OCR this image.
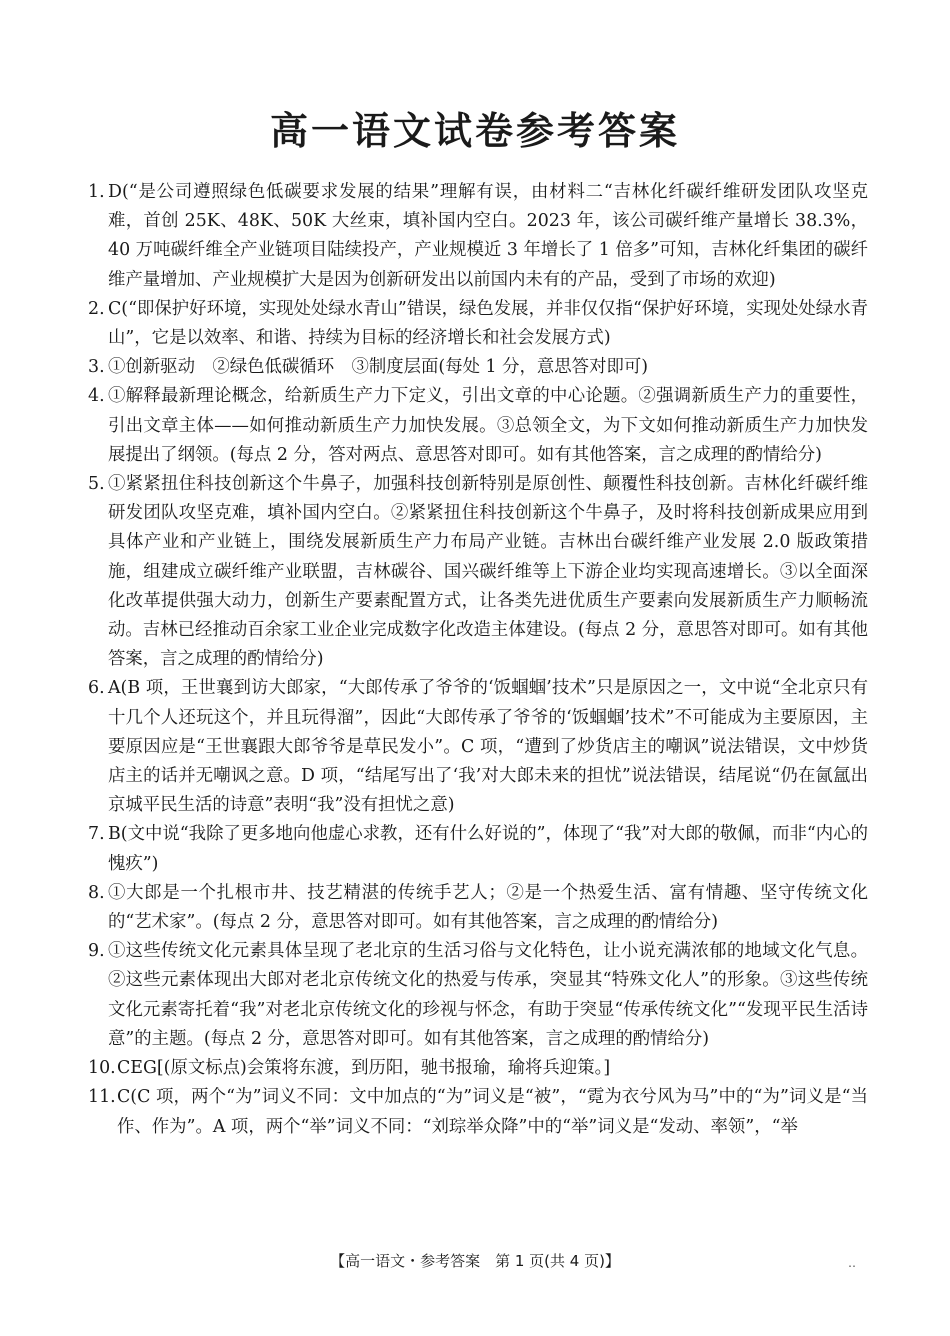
高一语文试卷参考答案
1. D(“是公司遵照绿色低碳要求发展的结果”理解有误，由材料二“吉林化纤碳纤维研发团队攻坚克难，首创 25K、48K、50K 大丝束，填补国内空白。2023 年，该公司碳纤维产量增长 38.3%，40 万吨碳纤维全产业链项目陆续投产，产业规模近 3 年增长了 1 倍多”可知，吉林化纤集团的碳纤维产量增加、产业规模扩大是因为创新研发出以前国内未有的产品，受到了市场的欢迎)
2. C(“即保护好环境，实现处处绿水青山”错误，绿色发展，并非仅仅指“保护好环境，实现处处绿水青山”，它是以效率、和谐、持续为目标的经济增长和社会发展方式)
3. ①创新驱动　②绿色低碳循环　③制度层面(每处 1 分，意思答对即可)
4. ①解释最新理论概念，给新质生产力下定义，引出文章的中心论题。②强调新质生产力的重要性，引出文章主体——如何推动新质生产力加快发展。③总领全文，为下文如何推动新质生产力加快发展提出了纲领。(每点 2 分，答对两点、意思答对即可。如有其他答案，言之成理的酌情给分)
5. ①紧紧扭住科技创新这个牛鼻子，加强科技创新特别是原创性、颠覆性科技创新。吉林化纤碳纤维研发团队攻坚克难，填补国内空白。②紧紧扭住科技创新这个牛鼻子，及时将科技创新成果应用到具体产业和产业链上，围绕发展新质生产力布局产业链。吉林出台碳纤维产业发展 2.0 版政策措施，组建成立碳纤维产业联盟，吉林碳谷、国兴碳纤维等上下游企业均实现高速增长。③以全面深化改革提供强大动力，创新生产要素配置方式，让各类先进优质生产要素向发展新质生产力顺畅流动。吉林已经推动百余家工业企业完成数字化改造主体建设。(每点 2 分，意思答对即可。如有其他答案，言之成理的酌情给分)
6. A(B 项，王世襄到访大郎家，“大郎传承了爷爷的‘饭蝈蝈’技术”只是原因之一，文中说“全北京只有十几个人还玩这个，并且玩得溜”，因此“大郎传承了爷爷的‘饭蝈蝈’技术”不可能成为主要原因，主要原因应是“王世襄跟大郎爷爷是草民发小”。C 项，“遭到了炒货店主的嘲讽”说法错误，文中炒货店主的话并无嘲讽之意。D 项，“结尾写出了‘我’对大郎未来的担忧”说法错误，结尾说“仍在氤氲出京城平民生活的诗意”表明“我”没有担忧之意)
7. B(文中说“我除了更多地向他虚心求教，还有什么好说的”，体现了“我”对大郎的敬佩，而非“内心的愧疚”)
8. ①大郎是一个扎根市井、技艺精湛的传统手艺人；②是一个热爱生活、富有情趣、坚守传统文化的“艺术家”。(每点 2 分，意思答对即可。如有其他答案，言之成理的酌情给分)
9. ①这些传统文化元素具体呈现了老北京的生活习俗与文化特色，让小说充满浓郁的地域文化气息。②这些元素体现出大郎对老北京传统文化的热爱与传承，突显其“特殊文化人”的形象。③这些传统文化元素寄托着“我”对老北京传统文化的珍视与怀念，有助于突显“传承传统文化”“发现平民生活诗意”的主题。(每点 2 分，意思答对即可。如有其他答案，言之成理的酌情给分)
10. CEG[(原文标点)会策将东渡，到历阳，驰书报瑜，瑜将兵迎策。]
11. C(C 项，两个“为”词义不同：文中加点的“为”词义是“被”，“霓为衣兮风为马”中的“为”词义是“当作、作为”。A 项，两个“举”词义不同：“刘琮举众降”中的“举”词义是“发动、率领”，“举
【高一语文・参考答案　第 1 页(共 4 页)】	‥
